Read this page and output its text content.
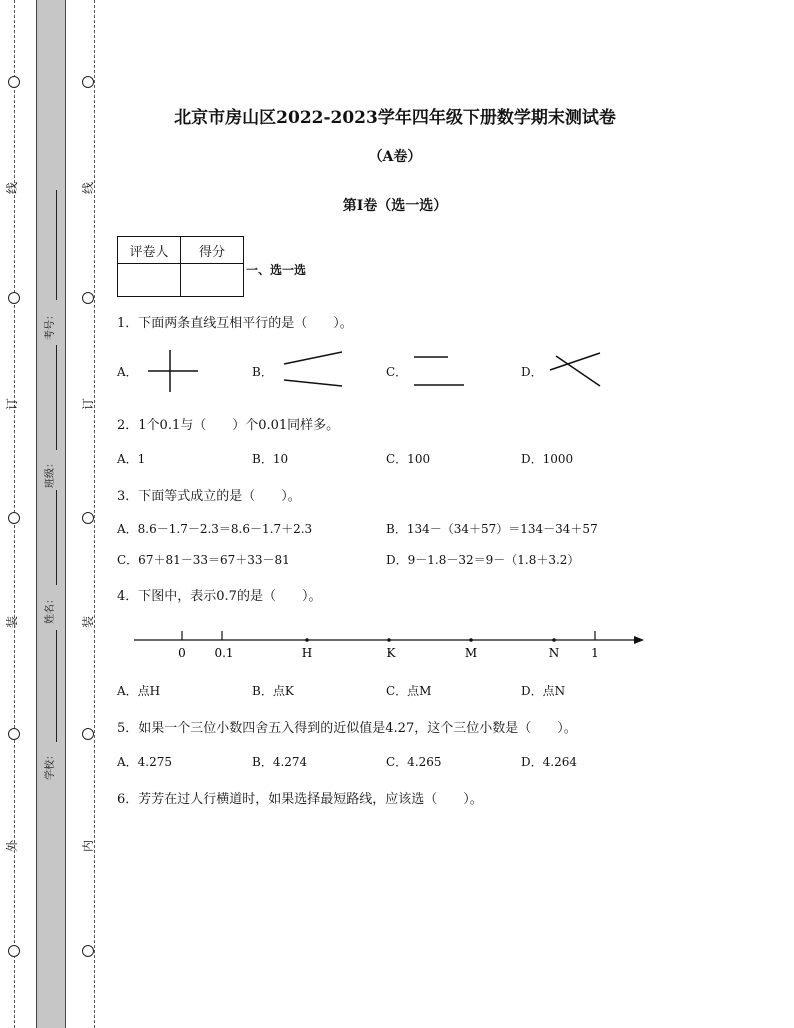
线
订
装
外
线
订
装
内
考号：
班级：
姓名：
学校：
北京市房山区2022-2023学年四年级下册数学期末测试卷
（A卷）
第I卷（选一选）
评卷人	得分

一、选一选
1．下面两条直线互相平行的是（　　）。
A．	B．	C．	D．
2．1个0.1与（　　）个0.01同样多。
A．1	B．10	C．100	D．1000
3．下面等式成立的是（　　）。
A．8.6－1.7－2.3＝8.6－1.7＋2.3	B．134－（34＋57）＝134－34＋57
C．67＋81－33＝67＋33－81	D．9－1.8－32＝9－（1.8＋3.2）
4．下图中，表示0.7的是（　　）。
0 0.1	H	K	M	N	1
A．点H	B．点K	C．点M	D．点N
5．如果一个三位小数四舍五入得到的近似值是4.27，这个三位小数是（　　）。
A．4.275	B．4.274	C．4.265	D．4.264
6．芳芳在过人行横道时，如果选择最短路线，应该选（　　）。
